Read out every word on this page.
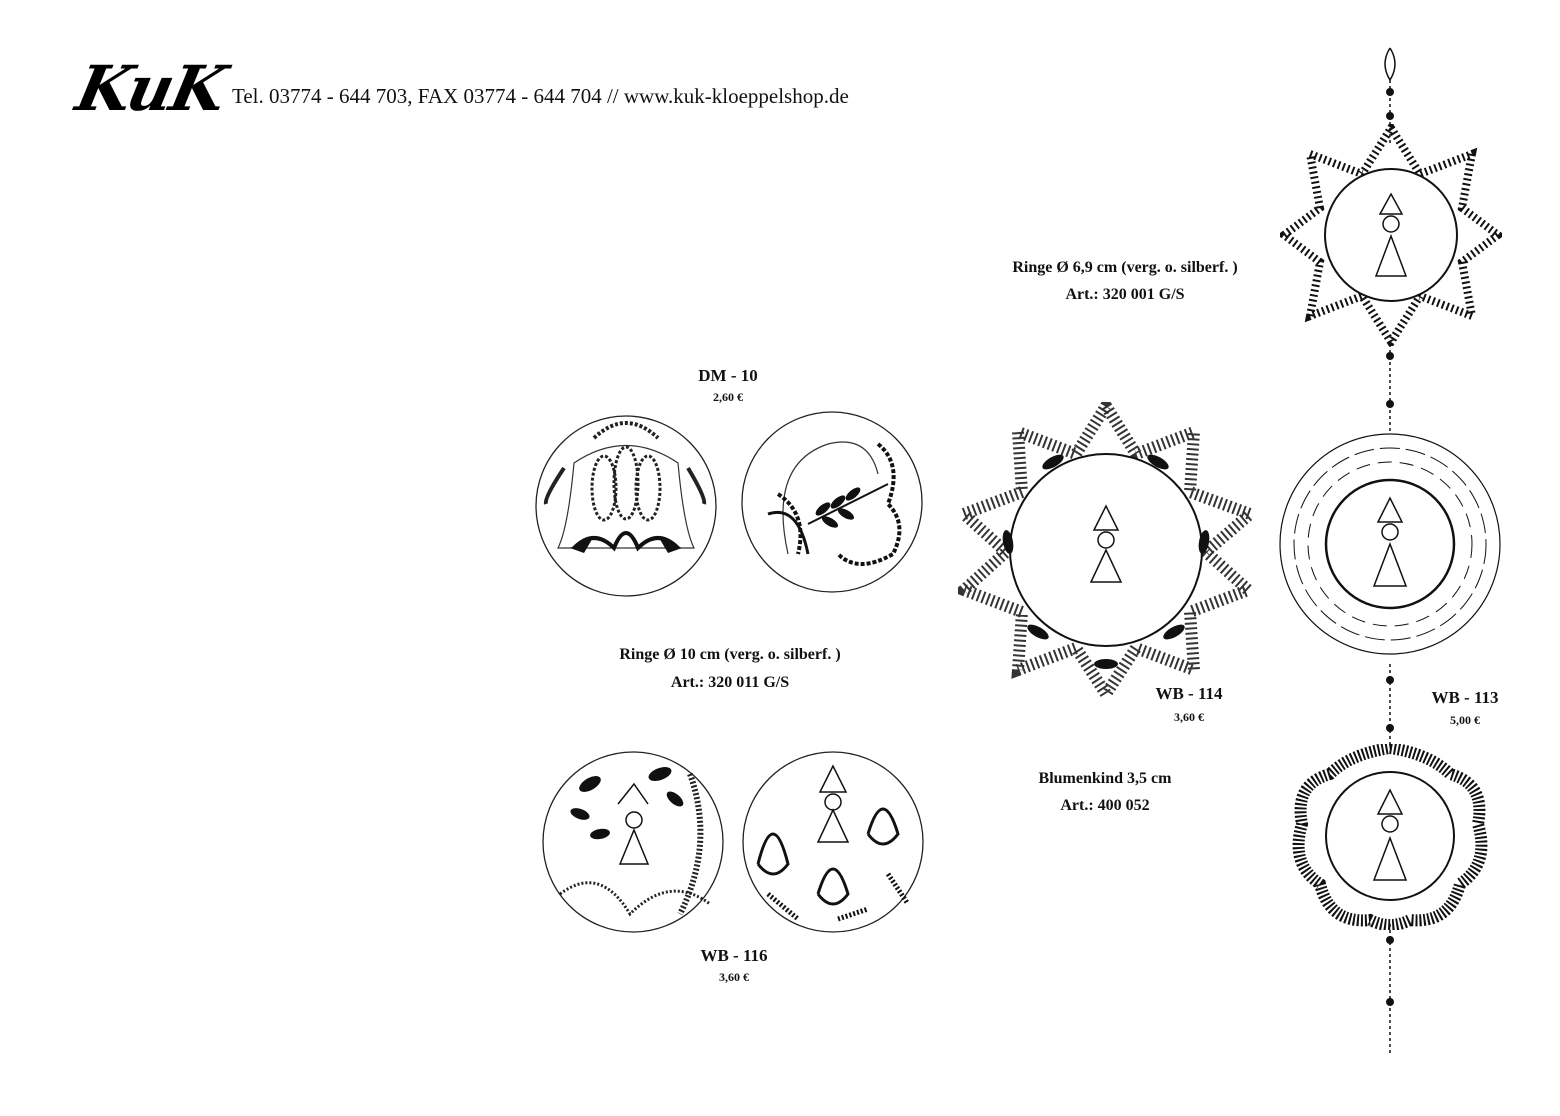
KuK Tel. 03774 - 644 703, FAX 03774 - 644 704 // www.kuk-kloeppelshop.de
Ringe Ø 6,9 cm (verg. o. silberf. )
Art.: 320 001 G/S
DM - 10
2,60 €
Ringe Ø 10 cm (verg. o. silberf. )
Art.: 320 011 G/S
WB - 114
3,60 €
WB - 113
5,00 €
Blumenkind 3,5 cm
Art.: 400 052
WB - 116
3,60 €
